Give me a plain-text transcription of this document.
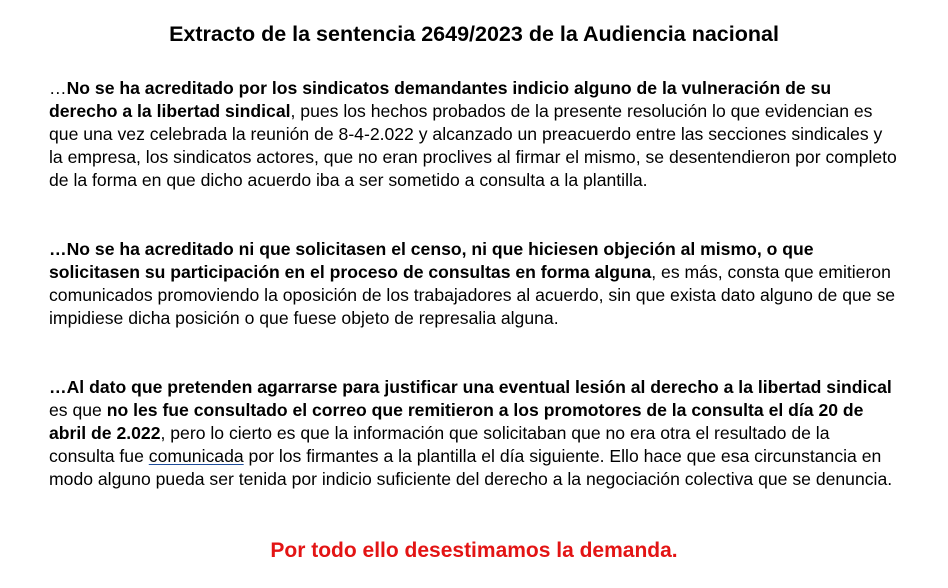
Extracto de la sentencia 2649/2023 de la Audiencia nacional
…No se ha acreditado por los sindicatos demandantes indicio alguno de la vulneración de su derecho a la libertad sindical, pues los hechos probados de la presente resolución lo que evidencian es que una vez celebrada la reunión de 8-4-2.022 y alcanzado un preacuerdo entre las secciones sindicales y la empresa, los sindicatos actores, que no eran proclives al firmar el mismo, se desentendieron por completo de la forma en que dicho acuerdo iba a ser sometido a consulta a la plantilla.
…No se ha acreditado ni que solicitasen el censo, ni que hiciesen objeción al mismo, o que solicitasen su participación en el proceso de consultas en forma alguna, es más, consta que emitieron comunicados promoviendo la oposición de los trabajadores al acuerdo, sin que exista dato alguno de que se impidiese dicha posición o que fuese objeto de represalia alguna.
…Al dato que pretenden agarrarse para justificar una eventual lesión al derecho a la libertad sindical es que no les fue consultado el correo que remitieron a los promotores de la consulta el día 20 de abril de 2.022, pero lo cierto es que la información que solicitaban que no era otra el resultado de la consulta fue comunicada por los firmantes a la plantilla el día siguiente. Ello hace que esa circunstancia en modo alguno pueda ser tenida por indicio suficiente del derecho a la negociación colectiva que se denuncia.
Por todo ello desestimamos la demanda.
